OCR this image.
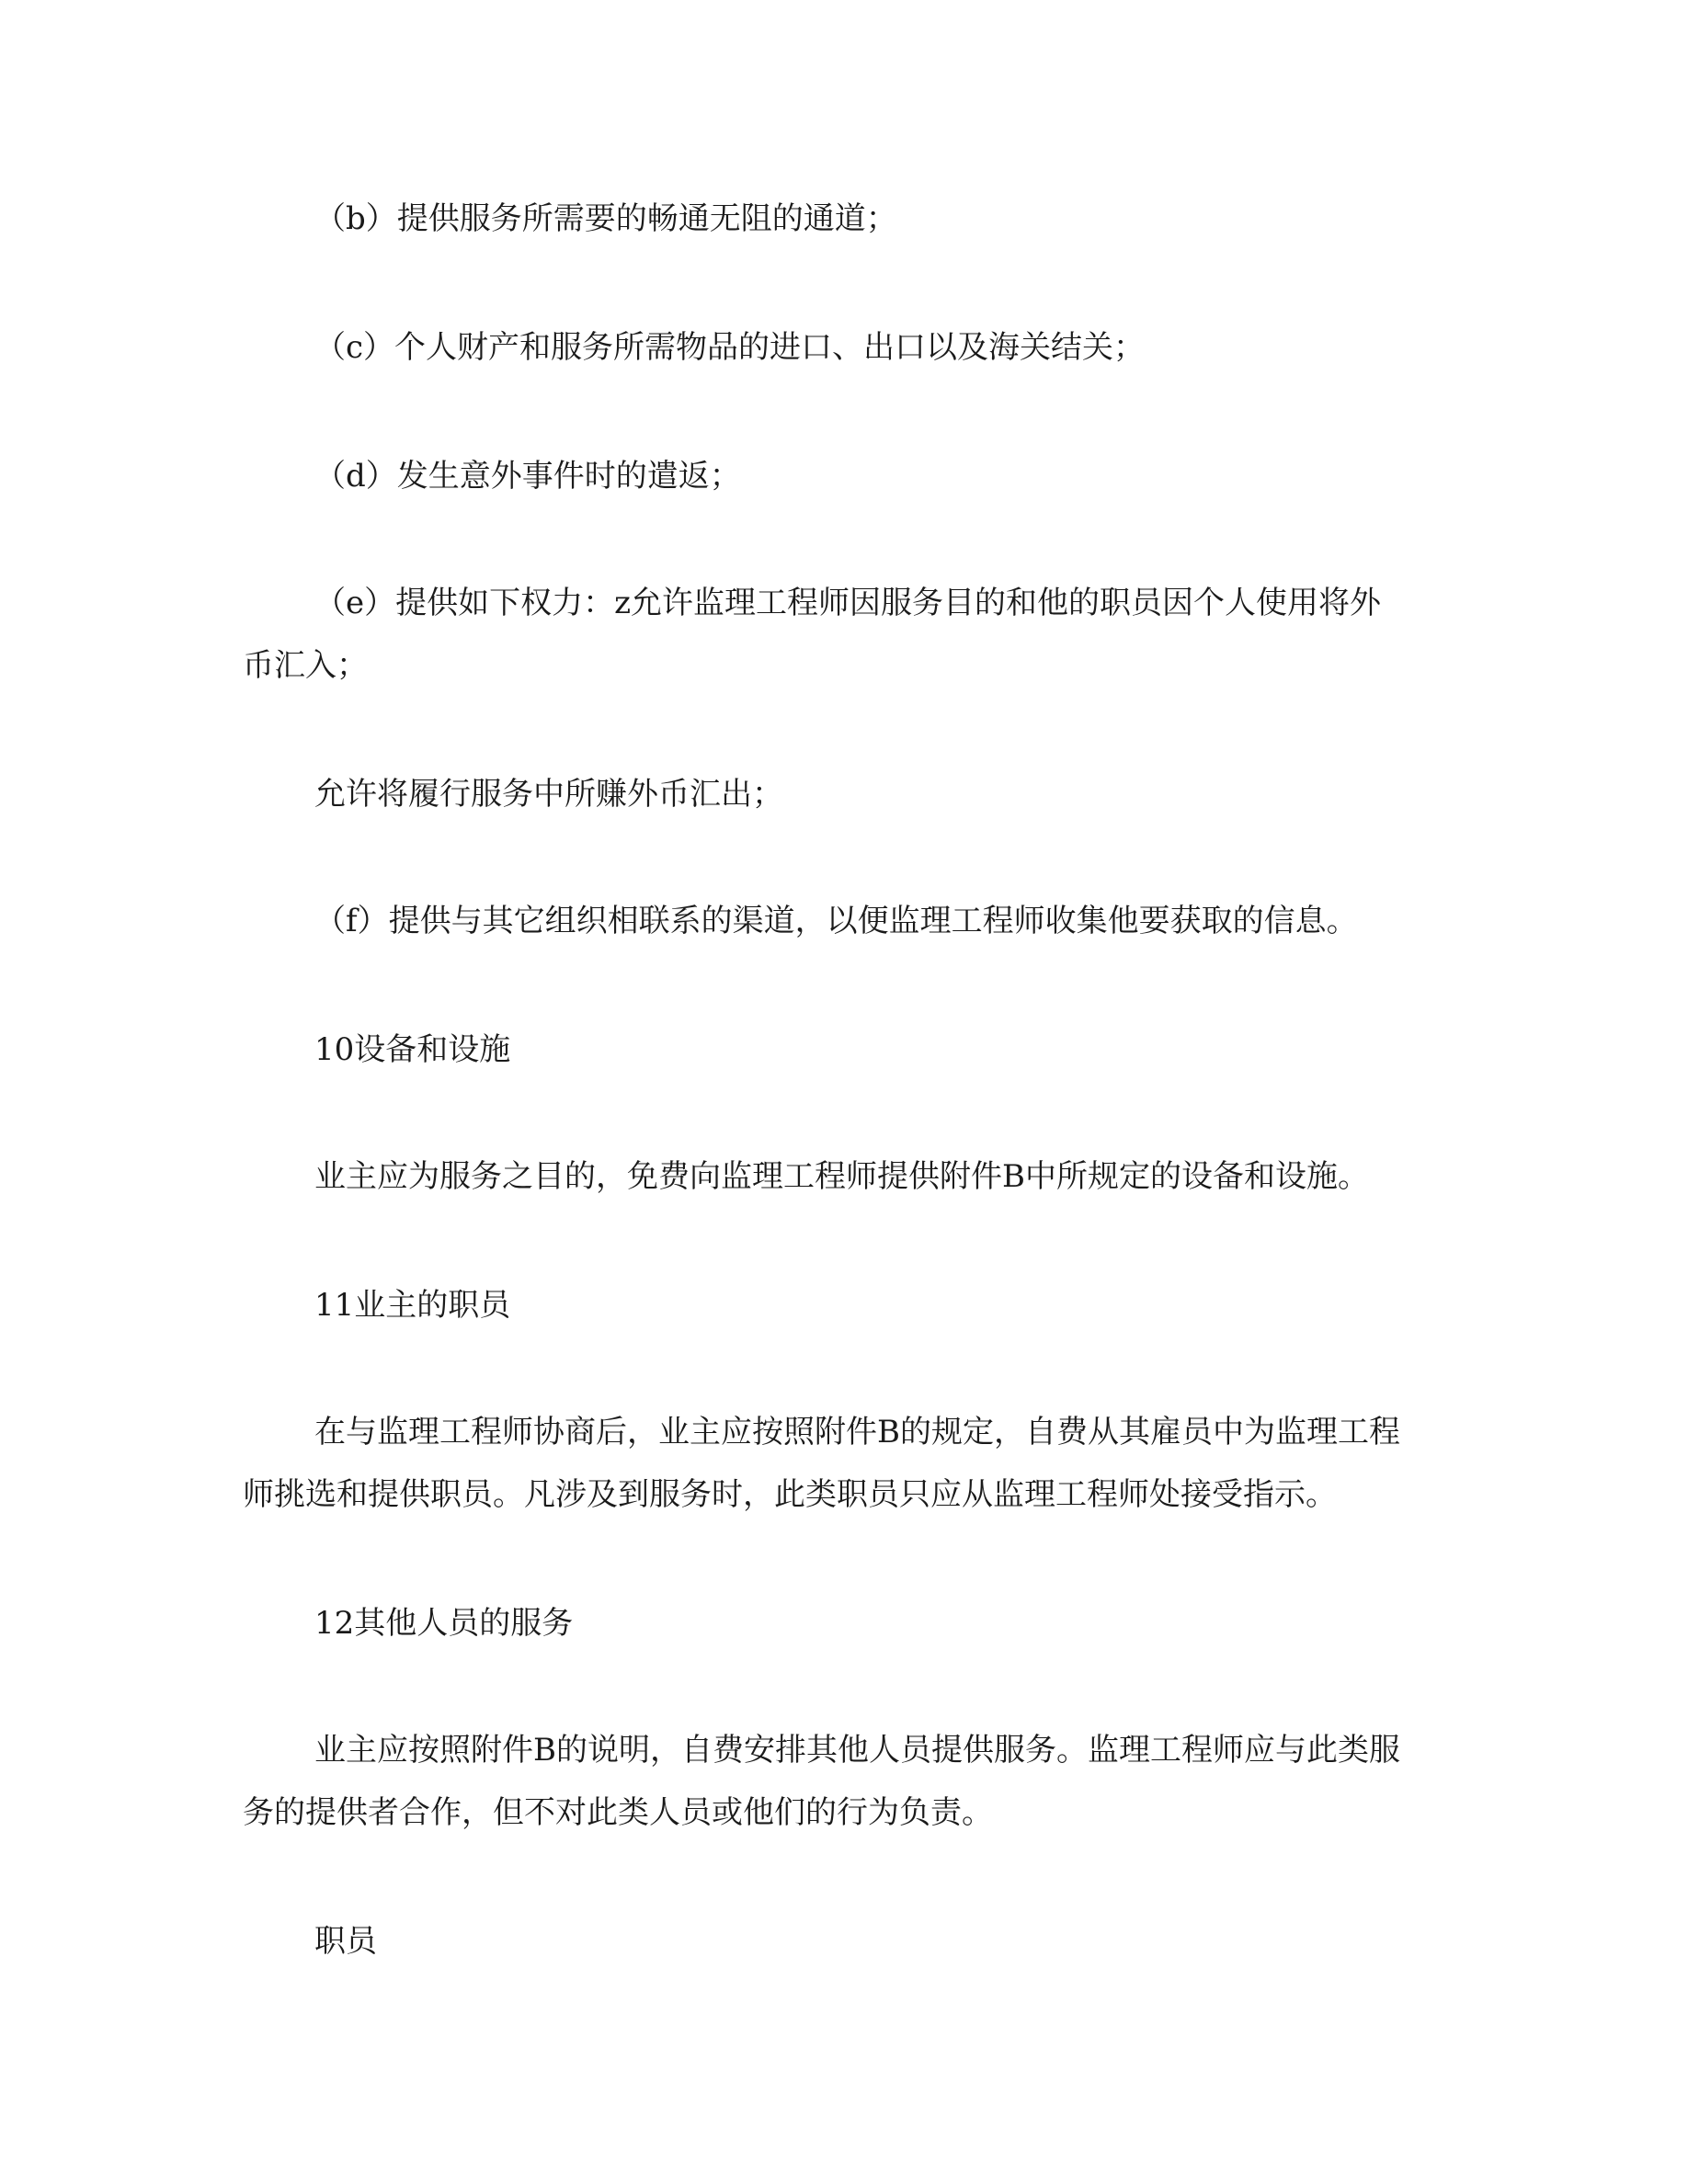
（b）提供服务所需要的畅通无阻的通道；

（c）个人财产和服务所需物品的进口、出口以及海关结关；

（d）发生意外事件时的遣返；

（e）提供如下权力：z允许监理工程师因服务目的和他的职员因个人使用将外
币汇入；

允许将履行服务中所赚外币汇出；

（f）提供与其它组织相联系的渠道，以便监理工程师收集他要获取的信息。

10设备和设施

业主应为服务之目的，免费向监理工程师提供附件B中所规定的设备和设施。

11业主的职员

在与监理工程师协商后，业主应按照附件B的规定，自费从其雇员中为监理工程
师挑选和提供职员。凡涉及到服务时，此类职员只应从监理工程师处接受指示。

12其他人员的服务

业主应按照附件B的说明，自费安排其他人员提供服务。监理工程师应与此类服
务的提供者合作，但不对此类人员或他们的行为负责。

职员
